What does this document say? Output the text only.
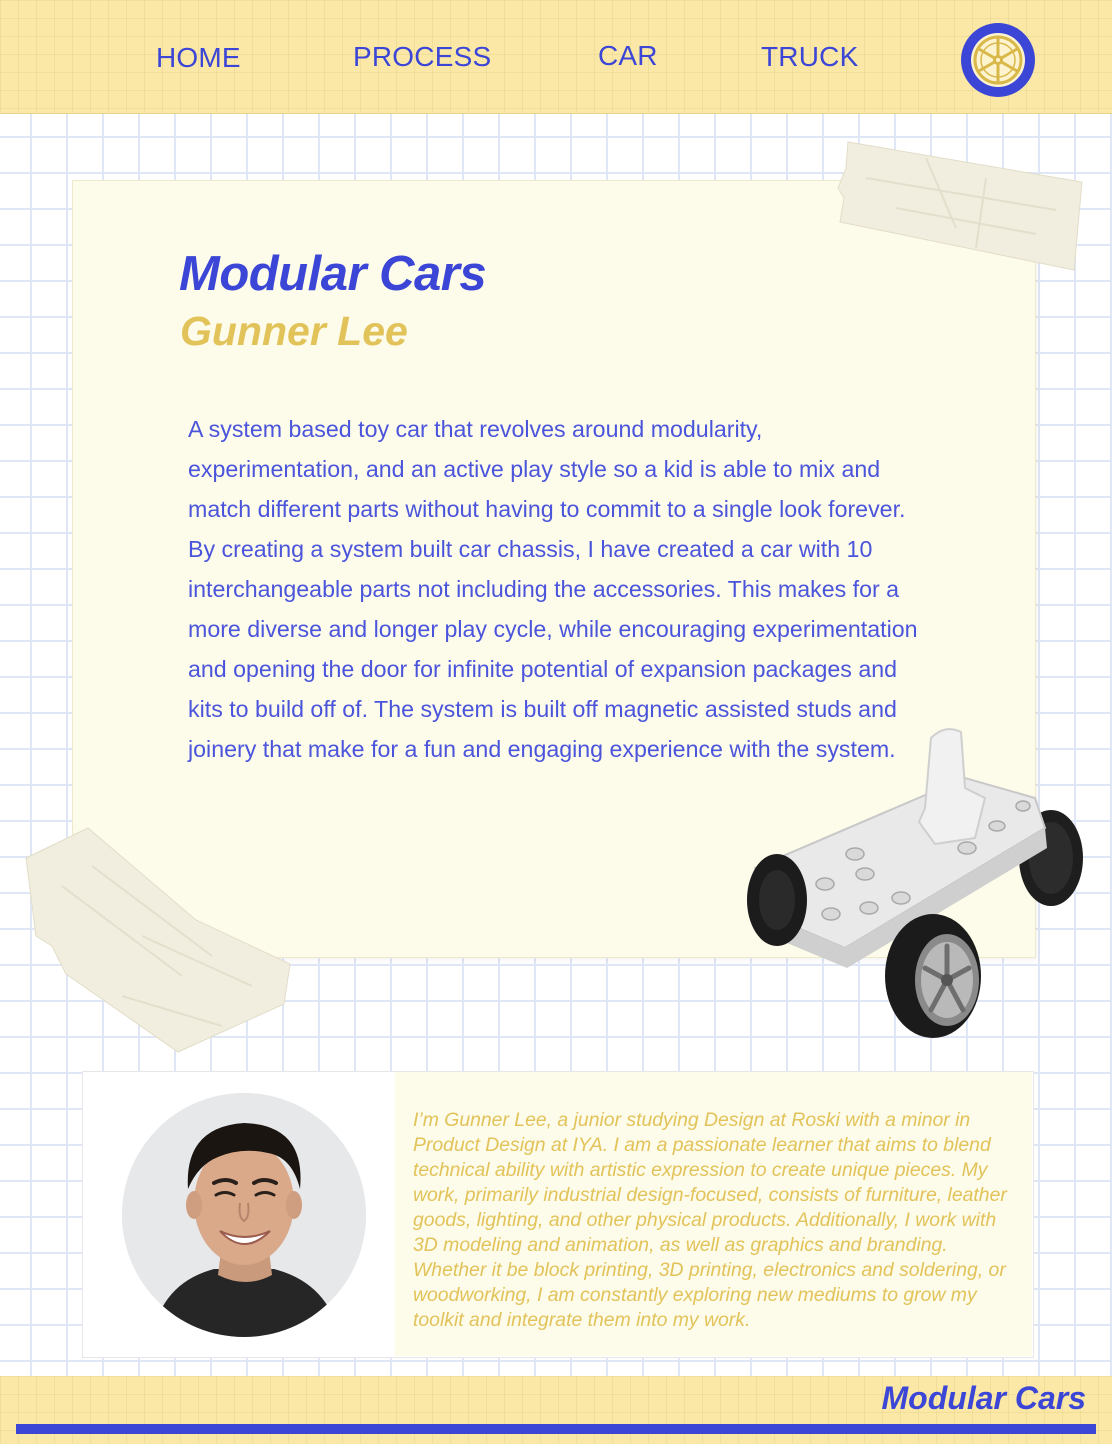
HOME	PROCESS	CAR	TRUCK
Modular Cars
Gunner Lee

A system based toy car that revolves around modularity, experimentation, and an active play style so a kid is able to mix and match different parts without having to commit to a single look forever. By creating a system built car chassis, I have created a car with 10 interchangeable parts not including the accessories. This makes for a more diverse and longer play cycle, while encouraging experimentation and opening the door for infinite potential of expansion packages and kits to build off of. The system is built off magnetic assisted studs and joinery that make for a fun and engaging experience with the system.

I’m Gunner Lee, a junior studying Design at Roski with a minor in Product Design at IYA. I am a passionate learner that aims to blend technical ability with artistic expression to create unique pieces. My work, primarily industrial design-focused, consists of furniture, leather goods, lighting, and other physical products. Additionally, I work with 3D modeling and animation, as well as graphics and branding. Whether it be block printing, 3D printing, electronics and soldering, or woodworking, I am constantly exploring new mediums to grow my toolkit and integrate them into my work.

Modular Cars
